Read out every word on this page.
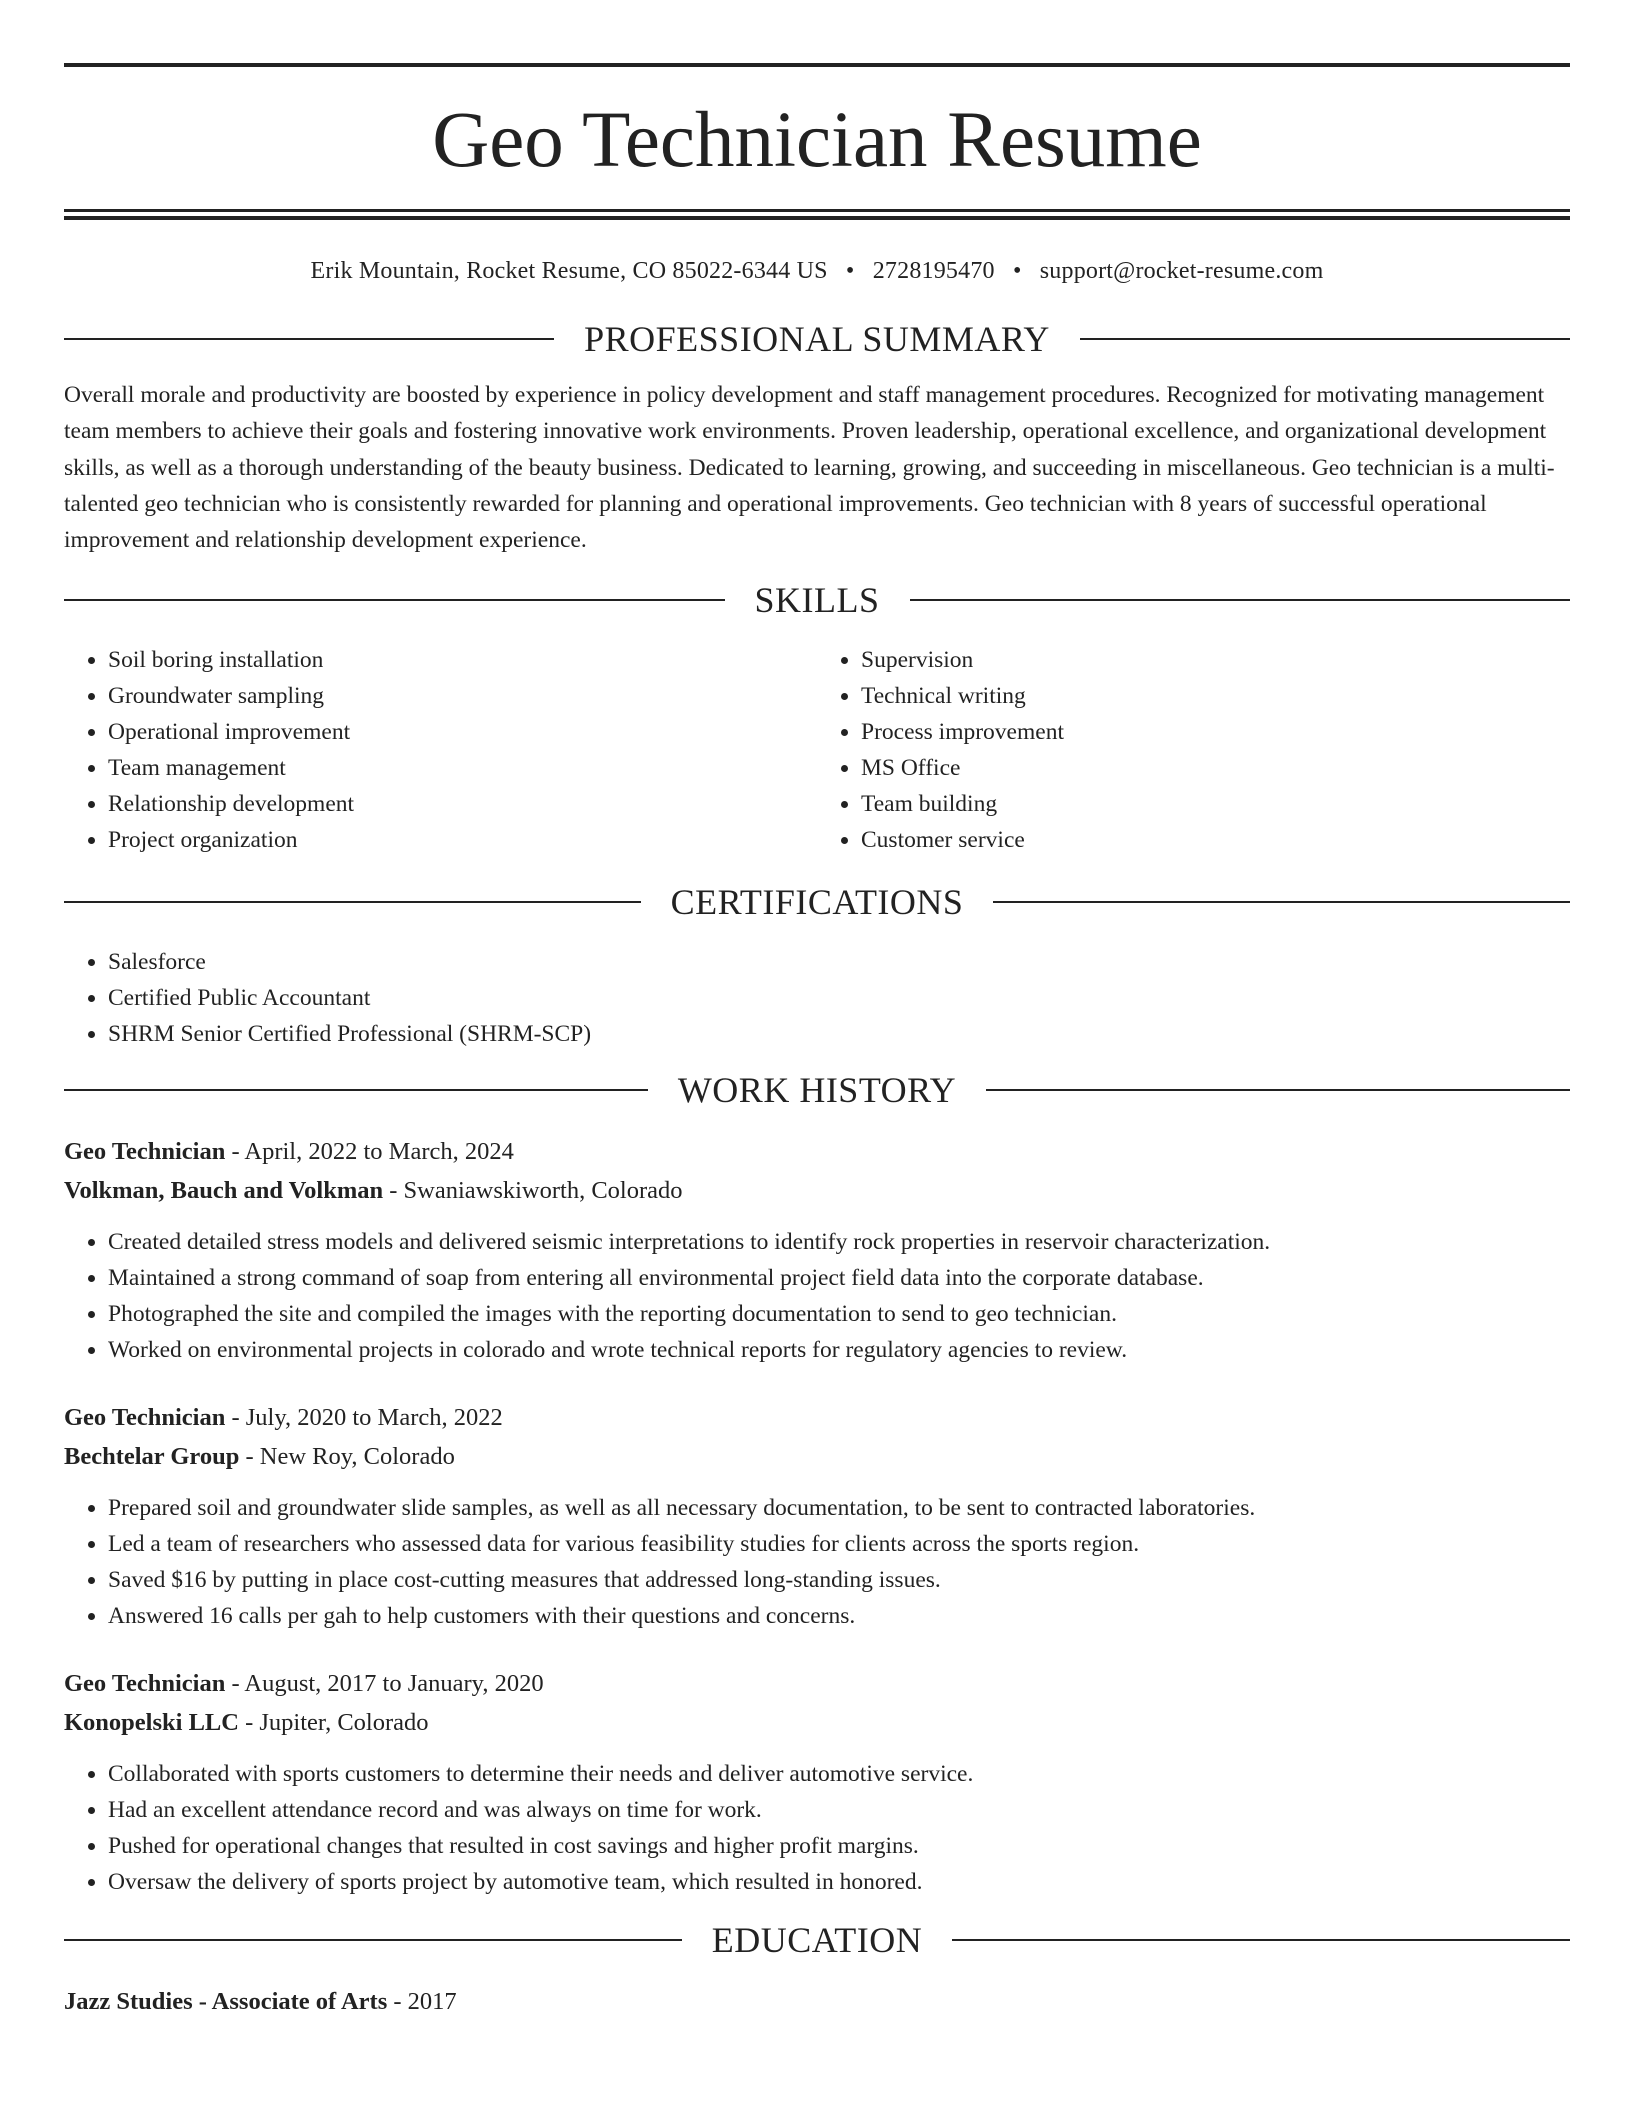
Geo Technician Resume
Erik Mountain, Rocket Resume, CO 85022-6344 US • 2728195470 • support@rocket-resume.com
PROFESSIONAL SUMMARY
Overall morale and productivity are boosted by experience in policy development and staff management procedures. Recognized for motivating management team members to achieve their goals and fostering innovative work environments. Proven leadership, operational excellence, and organizational development skills, as well as a thorough understanding of the beauty business. Dedicated to learning, growing, and succeeding in miscellaneous. Geo technician is a multi-talented geo technician who is consistently rewarded for planning and operational improvements. Geo technician with 8 years of successful operational improvement and relationship development experience.
SKILLS
• Soil boring installation
• Groundwater sampling
• Operational improvement
• Team management
• Relationship development
• Project organization
• Supervision
• Technical writing
• Process improvement
• MS Office
• Team building
• Customer service
CERTIFICATIONS
• Salesforce
• Certified Public Accountant
• SHRM Senior Certified Professional (SHRM-SCP)
WORK HISTORY
Geo Technician - April, 2022 to March, 2024
Volkman, Bauch and Volkman - Swaniawskiworth, Colorado
• Created detailed stress models and delivered seismic interpretations to identify rock properties in reservoir characterization.
• Maintained a strong command of soap from entering all environmental project field data into the corporate database.
• Photographed the site and compiled the images with the reporting documentation to send to geo technician.
• Worked on environmental projects in colorado and wrote technical reports for regulatory agencies to review.
Geo Technician - July, 2020 to March, 2022
Bechtelar Group - New Roy, Colorado
• Prepared soil and groundwater slide samples, as well as all necessary documentation, to be sent to contracted laboratories.
• Led a team of researchers who assessed data for various feasibility studies for clients across the sports region.
• Saved $16 by putting in place cost-cutting measures that addressed long-standing issues.
• Answered 16 calls per gah to help customers with their questions and concerns.
Geo Technician - August, 2017 to January, 2020
Konopelski LLC - Jupiter, Colorado
• Collaborated with sports customers to determine their needs and deliver automotive service.
• Had an excellent attendance record and was always on time for work.
• Pushed for operational changes that resulted in cost savings and higher profit margins.
• Oversaw the delivery of sports project by automotive team, which resulted in honored.
EDUCATION
Jazz Studies - Associate of Arts - 2017
